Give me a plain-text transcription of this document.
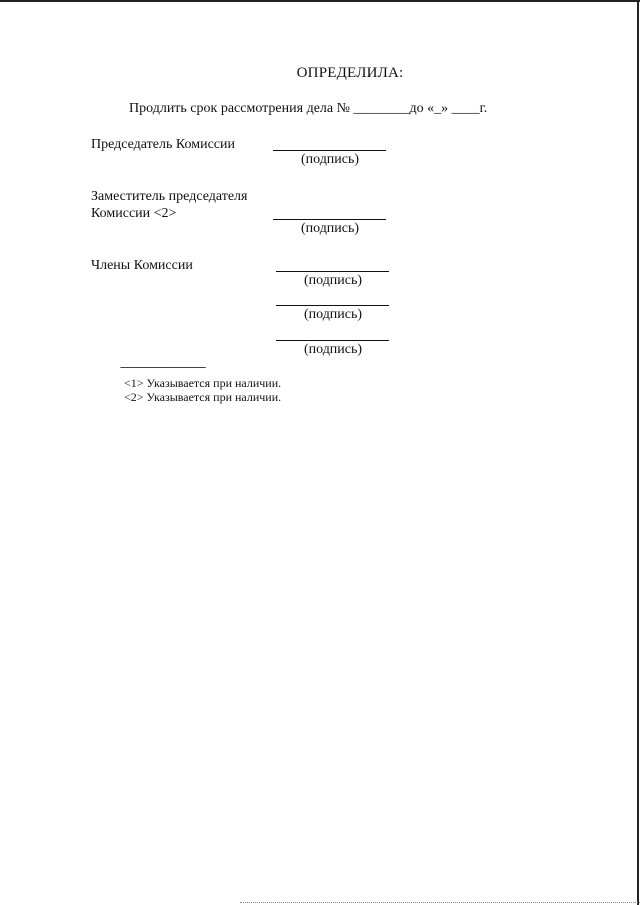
ОПРЕДЕЛИЛА:
Продлить срок рассмотрения дела № ________до «_» ____г.
Председатель Комиссии
(подпись)
Заместитель председателя
Комиссии <2>
(подпись)
Члены Комиссии
(подпись)
(подпись)
(подпись)
--------------------------------
<1> Указывается при наличии.
<2> Указывается при наличии.
